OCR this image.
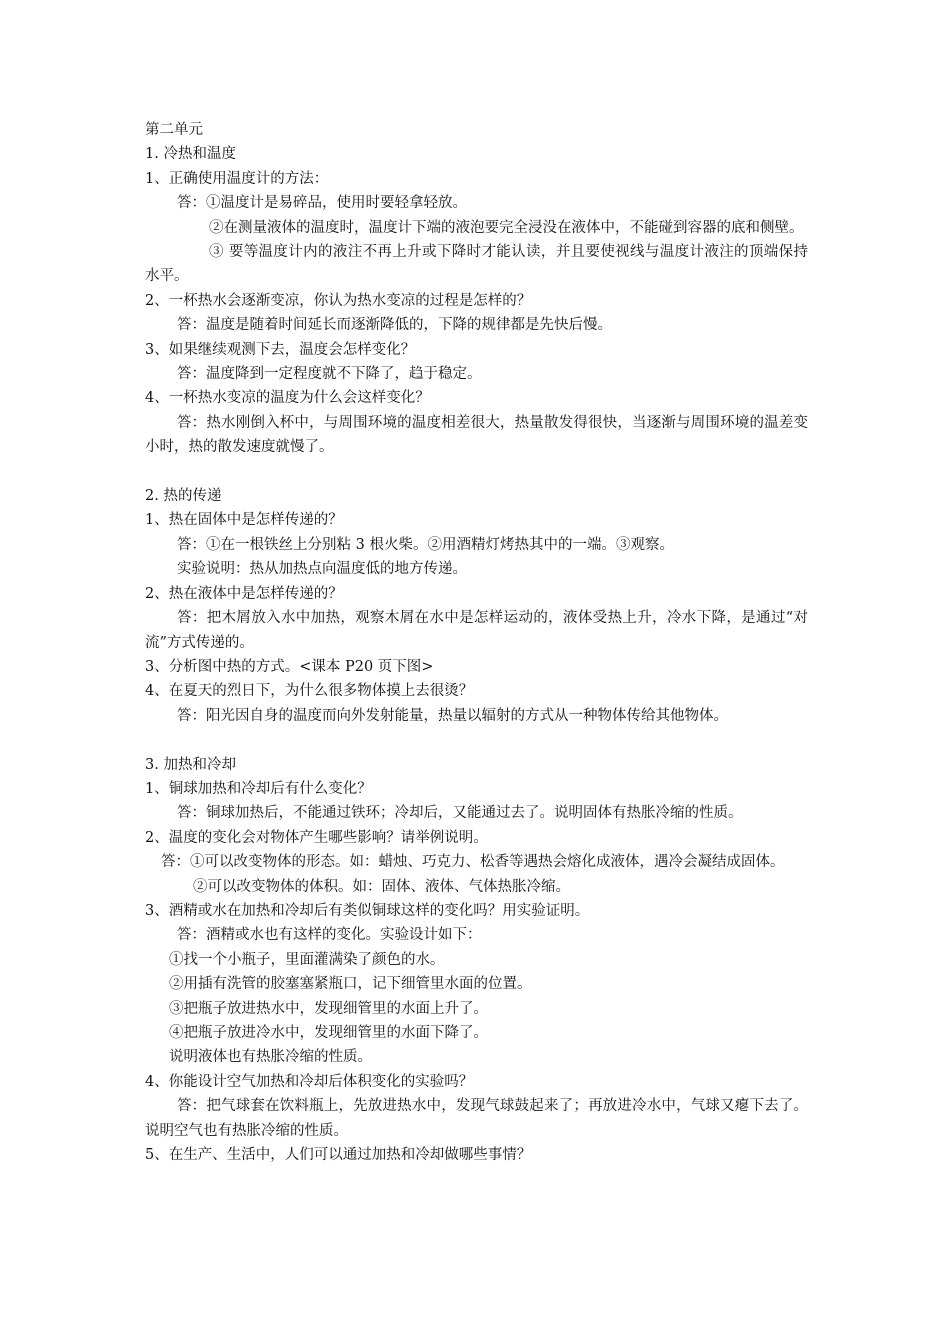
第二单元

1. 冷热和温度

1、正确使用温度计的方法：

答：①温度计是易碎品，使用时要轻拿轻放。

②在测量液体的温度时，温度计下端的液泡要完全浸没在液体中，不能碰到容器的底和侧壁。

③ 要等温度计内的液注不再上升或下降时才能认读，并且要使视线与温度计液注的顶端保持水平。

2、一杯热水会逐渐变凉，你认为热水变凉的过程是怎样的？

答：温度是随着时间延长而逐渐降低的，下降的规律都是先快后慢。

3、如果继续观测下去，温度会怎样变化？

答：温度降到一定程度就不下降了，趋于稳定。

4、一杯热水变凉的温度为什么会这样变化？

答：热水刚倒入杯中，与周围环境的温度相差很大，热量散发得很快，当逐渐与周围环境的温差变小时，热的散发速度就慢了。

2. 热的传递

1、热在固体中是怎样传递的？

答：①在一根铁丝上分别粘 3 根火柴。②用酒精灯烤热其中的一端。③观察。

实验说明：热从加热点向温度低的地方传递。

2、热在液体中是怎样传递的？

答：把木屑放入水中加热，观察木屑在水中是怎样运动的，液体受热上升，冷水下降，是通过“对流”方式传递的。

3、分析图中热的方式。<课本 P20 页下图>

4、在夏天的烈日下，为什么很多物体摸上去很烫？

答：阳光因自身的温度而向外发射能量，热量以辐射的方式从一种物体传给其他物体。

3. 加热和冷却

1、铜球加热和冷却后有什么变化？

答：铜球加热后，不能通过铁环；冷却后，又能通过去了。说明固体有热胀冷缩的性质。

2、温度的变化会对物体产生哪些影响？请举例说明。

答：①可以改变物体的形态。如：蜡烛、巧克力、松香等遇热会熔化成液体，遇冷会凝结成固体。

②可以改变物体的体积。如：固体、液体、气体热胀冷缩。

3、酒精或水在加热和冷却后有类似铜球这样的变化吗？用实验证明。

答：酒精或水也有这样的变化。实验设计如下：

①找一个小瓶子，里面灌满染了颜色的水。

②用插有洗管的胶塞塞紧瓶口，记下细管里水面的位置。

③把瓶子放进热水中，发现细管里的水面上升了。

④把瓶子放进冷水中，发现细管里的水面下降了。

说明液体也有热胀冷缩的性质。

4、你能设计空气加热和冷却后体积变化的实验吗？

答：把气球套在饮料瓶上，先放进热水中，发现气球鼓起来了；再放进冷水中，气球又瘪下去了。说明空气也有热胀冷缩的性质。

5、在生产、生活中，人们可以通过加热和冷却做哪些事情？
